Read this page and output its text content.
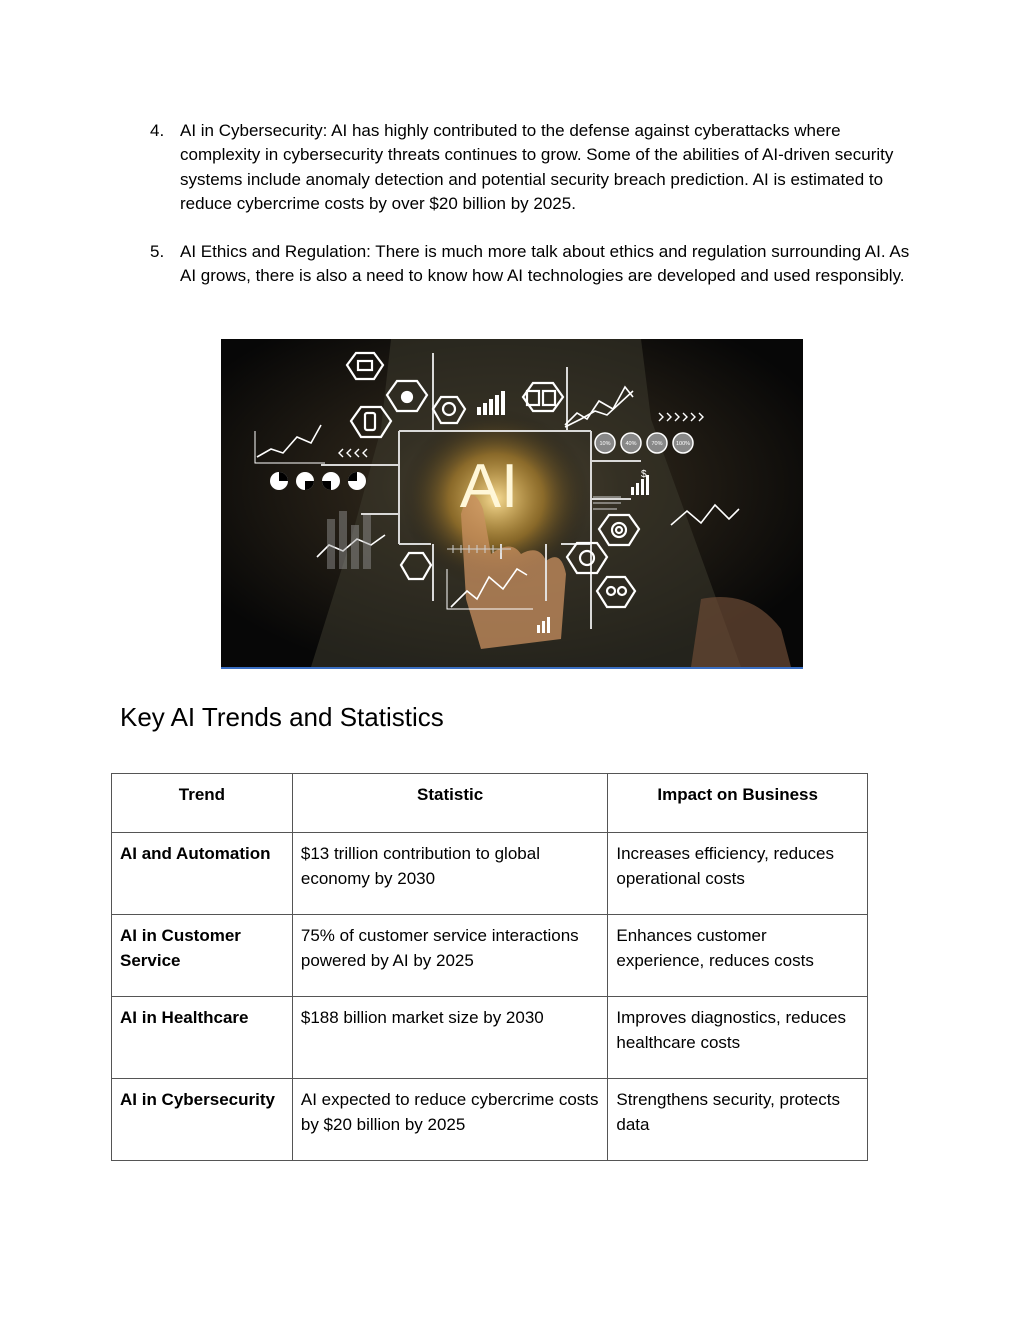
4. AI in Cybersecurity: AI has highly contributed to the defense against cyberattacks where complexity in cybersecurity threats continues to grow. Some of the abilities of AI-driven security systems include anomaly detection and potential security breach prediction. AI is estimated to reduce cybercrime costs by over $20 billion by 2025.
5. AI Ethics and Regulation: There is much more talk about ethics and regulation surrounding AI. As AI grows, there is also a need to know how AI technologies are developed and used responsibly.
AI	$
10%	40%	70% 100%
Key AI Trends and Statistics
Trend	Statistic	Impact on Business
AI and Automation	$13 trillion contribution to global economy by 2030	Increases efficiency, reduces operational costs
AI in Customer Service	75% of customer service interactions powered by AI by 2025	Enhances customer experience, reduces costs
AI in Healthcare	$188 billion market size by 2030	Improves diagnostics, reduces healthcare costs
AI in Cybersecurity	AI expected to reduce cybercrime costs by $20 billion by 2025	Strengthens security, protects data
